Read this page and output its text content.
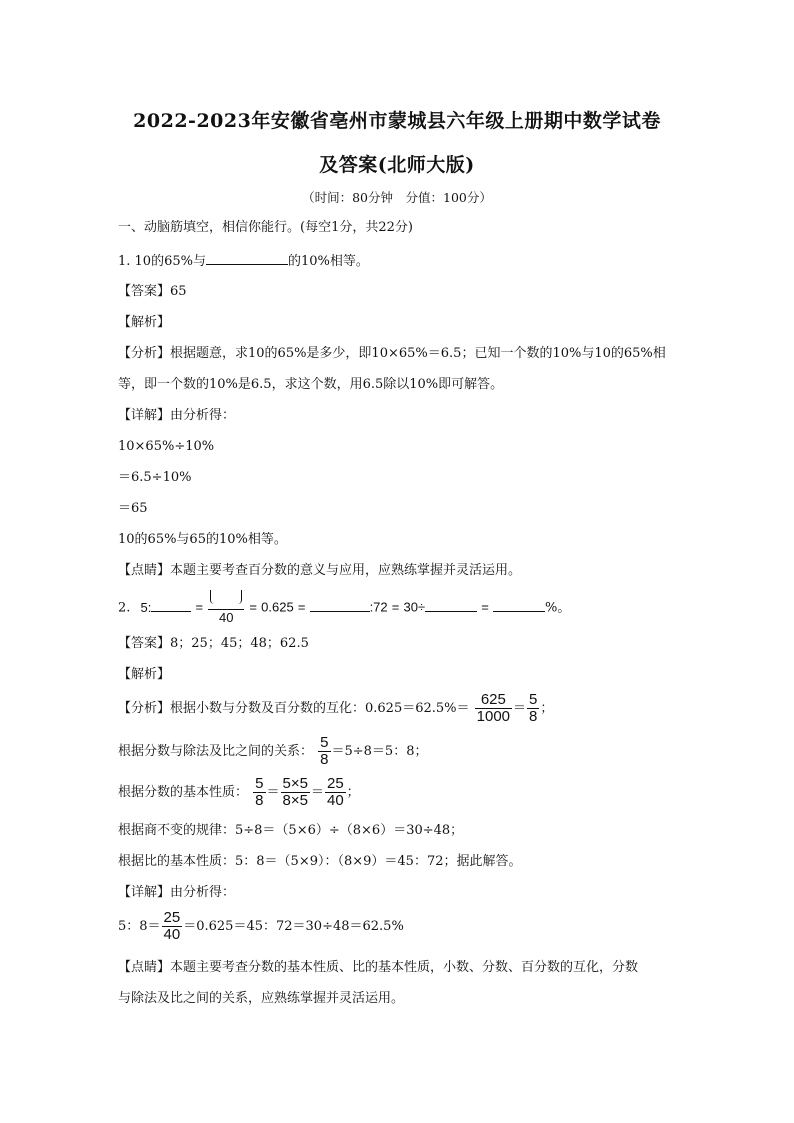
2022-2023年安徽省亳州市蒙城县六年级上册期中数学试卷
及答案(北师大版)
（时间：80分钟　分值：100分）
一、动脑筋填空，相信你能行。(每空1分，共22分)
1. 10的65%与	的10%相等。
【答案】65
【解析】
【分析】根据题意，求10的65%是多少，即10×65%＝6.5；已知一个数的10%与10的65%相
等，即一个数的10%是6.5，求这个数，用6.5除以10%即可解答。
【详解】由分析得：
10×65%÷10%
＝6.5÷10%
＝65
10的65%与65的10%相等。
【点睛】本题主要考查百分数的意义与应用，应熟练掌握并灵活运用。
2. 5:	=
40
= 0.625 =	:72 = 30÷	=	%。
【答案】8；25；45；48；62.5
【解析】
【分析】根据小数与分数及百分数的互化：$0.625=62.5\%= \frac{625}{1000} = \frac{5}{8}$ ；
根据分数与除法及比之间的关系： $\frac{5}{8} =5\div 8=5$：8；
根据分数的基本性质： $\frac{5}{8} = \frac{5\times 5}{8\times 5} = \frac{25}{40}$ ；
根据商不变的规律：5÷8＝（5×6）÷（8×6）＝30÷48；
根据比的基本性质：5：8＝（5×9）：（8×9）＝45：72；据此解答。
【详解】由分析得：
5：$8= \frac{25}{40} =0.625=45$：72＝30÷48＝62.5%
【点睛】本题主要考查分数的基本性质、比的基本性质，小数、分数、百分数的互化，分数
与除法及比之间的关系，应熟练掌握并灵活运用。
